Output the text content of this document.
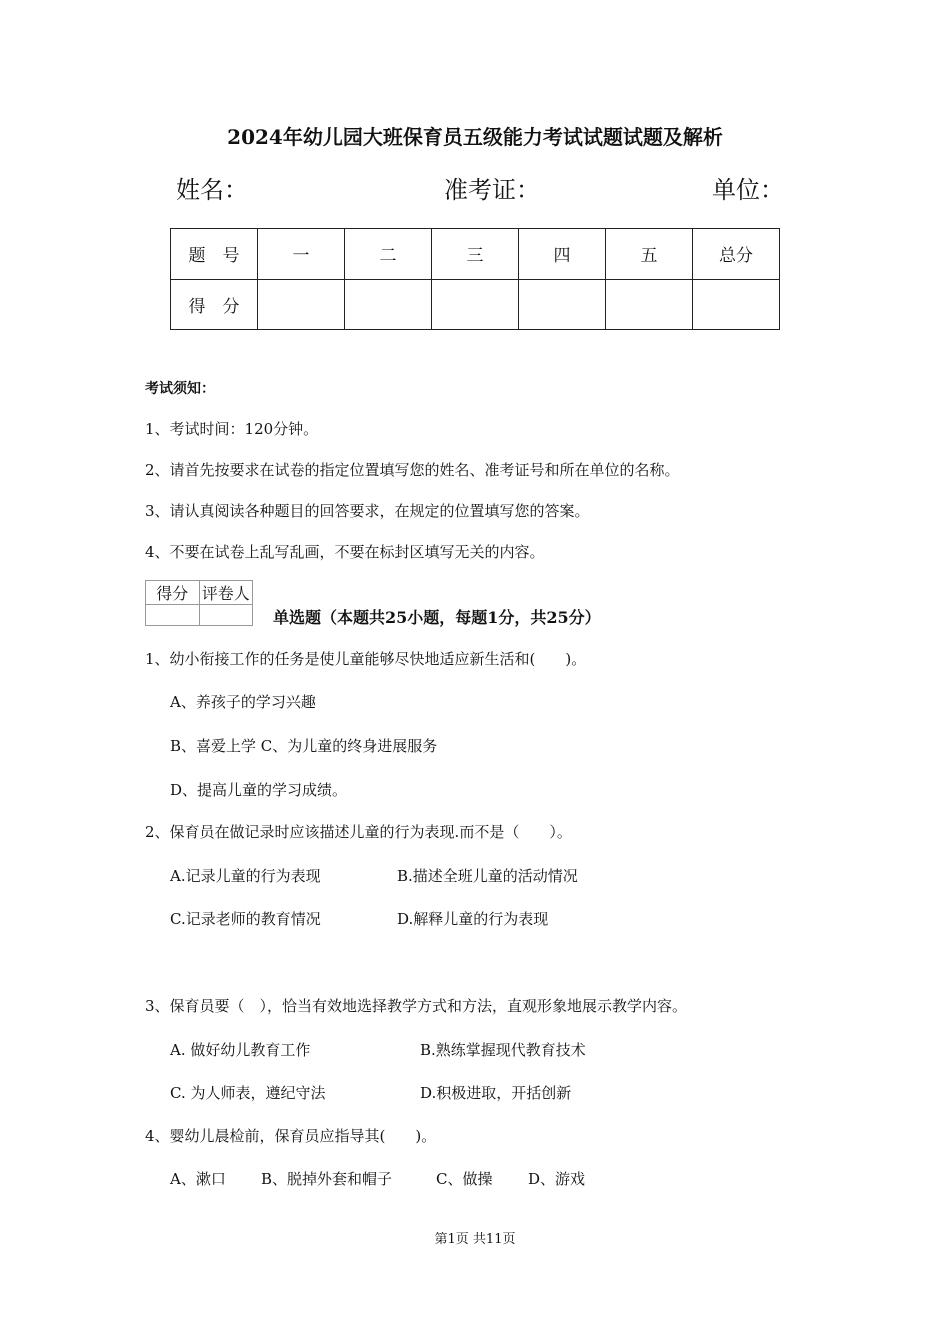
2024年幼儿园大班保育员五级能力考试试题试题及解析
姓名：	准考证：	单位：
题　号	一	二	三	四	五	总分
得　分						
考试须知：
1、考试时间：120分钟。
2、请首先按要求在试卷的指定位置填写您的姓名、准考证号和所在单位的名称。
3、请认真阅读各种题目的回答要求，在规定的位置填写您的答案。
4、不要在试卷上乱写乱画，不要在标封区填写无关的内容。
得分	评卷人

单选题（本题共25小题，每题1分，共25分）
1、幼小衔接工作的任务是使儿童能够尽快地适应新生活和(　　)。
A、养孩子的学习兴趣
B、喜爱上学 C、为儿童的终身进展服务
D、提高儿童的学习成绩。
2、保育员在做记录时应该描述儿童的行为表现.而不是（　　）。
A.记录儿童的行为表现	B.描述全班儿童的活动情况
C.记录老师的教育情况	D.解释儿童的行为表现
3、保育员要（　），恰当有效地选择教学方式和方法，直观形象地展示教学内容。
A. 做好幼儿教育工作	B.熟练掌握现代教育技术
C. 为人师表，遵纪守法	D.积极进取，开括创新
4、婴幼儿晨检前，保育员应指导其(　　)。
A、漱口 B、脱掉外套和帽子	C、做操 D、游戏
第1页 共11页
